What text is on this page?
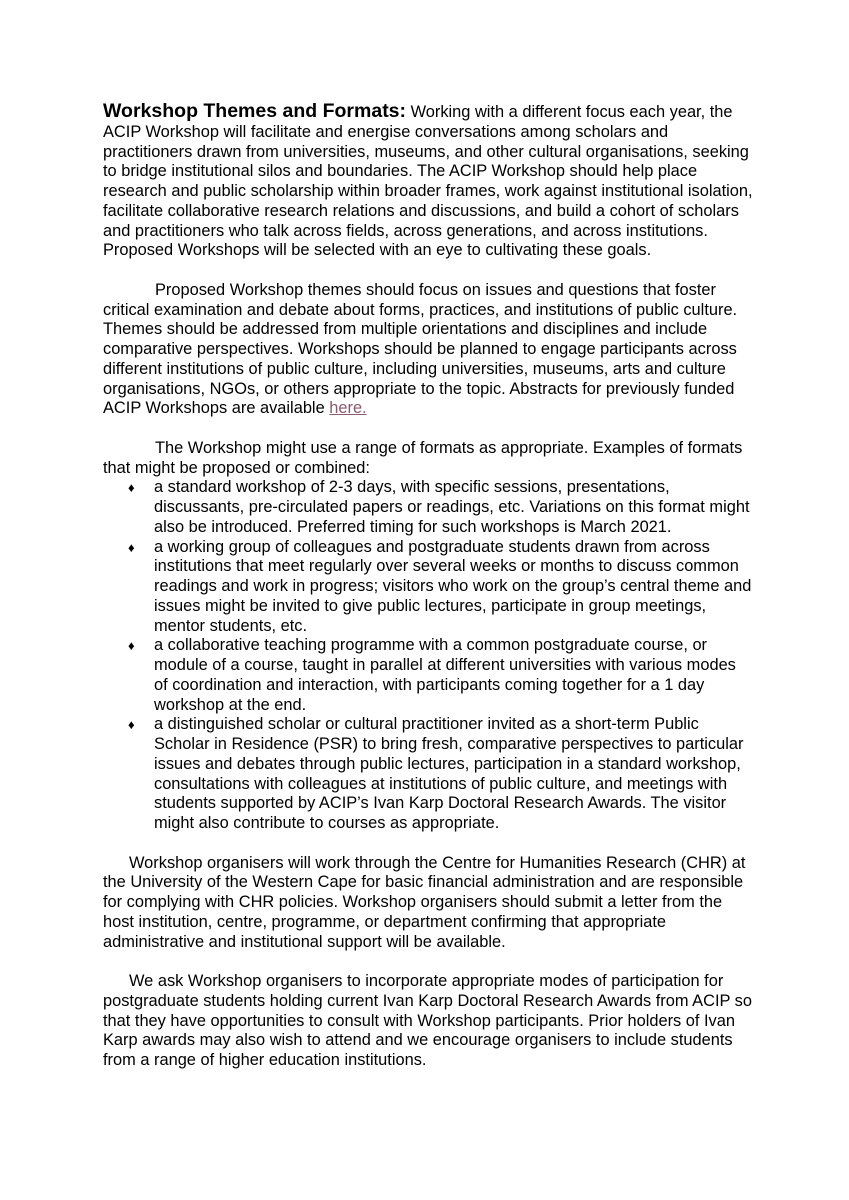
Workshop Themes and Formats: Working with a different focus each year, the ACIP Workshop will facilitate and energise conversations among scholars and practitioners drawn from universities, museums, and other cultural organisations, seeking to bridge institutional silos and boundaries. The ACIP Workshop should help place research and public scholarship within broader frames, work against institutional isolation, facilitate collaborative research relations and discussions, and build a cohort of scholars and practitioners who talk across fields, across generations, and across institutions. Proposed Workshops will be selected with an eye to cultivating these goals.

Proposed Workshop themes should focus on issues and questions that foster critical examination and debate about forms, practices, and institutions of public culture. Themes should be addressed from multiple orientations and disciplines and include comparative perspectives. Workshops should be planned to engage participants across different institutions of public culture, including universities, museums, arts and culture organisations, NGOs, or others appropriate to the topic. Abstracts for previously funded ACIP Workshops are available here.

The Workshop might use a range of formats as appropriate. Examples of formats that might be proposed or combined:

♦ a standard workshop of 2-3 days, with specific sessions, presentations, discussants, pre-circulated papers or readings, etc. Variations on this format might also be introduced. Preferred timing for such workshops is March 2021.
♦ a working group of colleagues and postgraduate students drawn from across institutions that meet regularly over several weeks or months to discuss common readings and work in progress; visitors who work on the group’s central theme and issues might be invited to give public lectures, participate in group meetings, mentor students, etc.
♦ a collaborative teaching programme with a common postgraduate course, or module of a course, taught in parallel at different universities with various modes of coordination and interaction, with participants coming together for a 1 day workshop at the end.
♦ a distinguished scholar or cultural practitioner invited as a short-term Public Scholar in Residence (PSR) to bring fresh, comparative perspectives to particular issues and debates through public lectures, participation in a standard workshop, consultations with colleagues at institutions of public culture, and meetings with students supported by ACIP’s Ivan Karp Doctoral Research Awards. The visitor might also contribute to courses as appropriate.

Workshop organisers will work through the Centre for Humanities Research (CHR) at the University of the Western Cape for basic financial administration and are responsible for complying with CHR policies. Workshop organisers should submit a letter from the host institution, centre, programme, or department confirming that appropriate administrative and institutional support will be available.

We ask Workshop organisers to incorporate appropriate modes of participation for postgraduate students holding current Ivan Karp Doctoral Research Awards from ACIP so that they have opportunities to consult with Workshop participants. Prior holders of Ivan Karp awards may also wish to attend and we encourage organisers to include students from a range of higher education institutions.
